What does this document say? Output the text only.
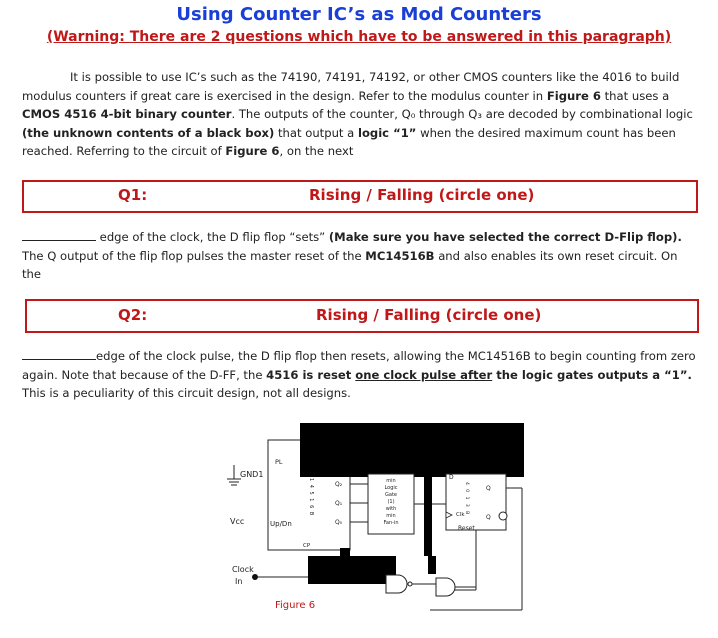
Using Counter IC’s as Mod Counters
(Warning: There are 2 questions which have to be answered in this paragraph)
It is possible to use IC’s such as the 74190, 74191, 74192, or other CMOS counters like the 4016 to build modulus counters if great care is exercised in the design. Refer to the modulus counter in Figure 6 that uses a CMOS 4516 4-bit binary counter. The outputs of the counter, Q₀ through Q₃ are decoded by combinational logic (the unknown contents of a black box) that output a logic “1” when the desired maximum count has been reached. Referring to the circuit of Figure 6, on the next
Q1:	Rising / Falling (circle one)
edge of the clock, the D flip flop “sets” (Make sure you have selected the correct D-Flip flop). The Q output of the flip flop pulses the master reset of the MC14516B and also enables its own reset circuit. On the
Q2:	Rising / Falling (circle one)
edge of the clock pulse, the D flip flop then resets, allowing the MC14516B to begin counting from zero again. Note that because of the D-FF, the 4516 is reset one clock pulse after the logic gates outputs a “1”. This is a peculiarity of this circuit design, not all designs.
GND1
Vcc
PL
Up/Dn
CP
1 4 5 1 6 B	Q₂
Q₁
Q₀
min
Logic
Gate
(1)
with
min
Fan-in
D
Q
Q
Clk 4 0 1 3 B
Reset
Clock
In
Figure 6
